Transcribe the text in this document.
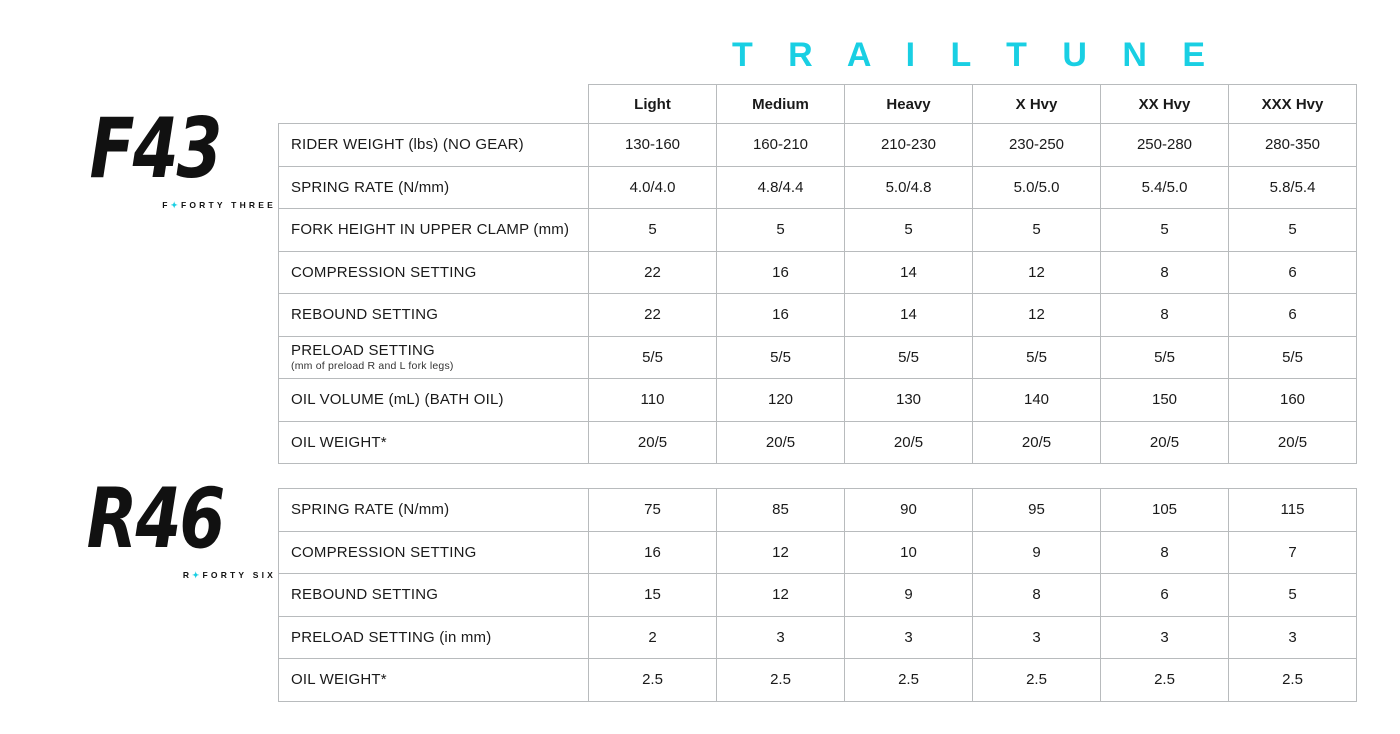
T R A I L T U N E
F43
F✦FORTY THREE
R46
R✦FORTY SIX
	Light	Medium	Heavy	X Hvy	XX Hvy	XXX Hvy
RIDER WEIGHT (lbs) (NO GEAR)	130-160	160-210	210-230	230-250	250-280	280-350
SPRING RATE (N/mm)	4.0/4.0	4.8/4.4	5.0/4.8	5.0/5.0	5.4/5.0	5.8/5.4
FORK HEIGHT IN UPPER CLAMP (mm)	5	5	5	5	5	5
COMPRESSION SETTING	22	16	14	12	8	6
REBOUND SETTING	22	16	14	12	8	6
PRELOAD SETTING
(mm of preload R and L fork legs)	5/5	5/5	5/5	5/5	5/5	5/5
OIL VOLUME (mL) (BATH OIL)	110	120	130	140	150	160
OIL WEIGHT*	20/5	20/5	20/5	20/5	20/5	20/5
SPRING RATE (N/mm)	75	85	90	95	105	115
COMPRESSION SETTING	16	12	10	9	8	7
REBOUND SETTING	15	12	9	8	6	5
PRELOAD SETTING (in mm)	2	3	3	3	3	3
OIL WEIGHT*	2.5	2.5	2.5	2.5	2.5	2.5
